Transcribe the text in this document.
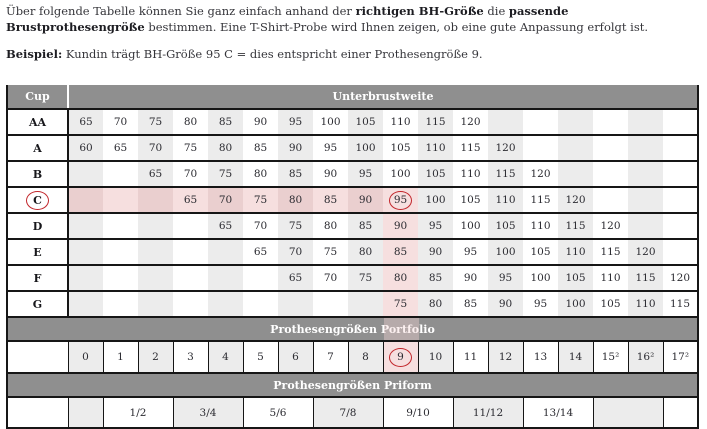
Über folgende Tabelle können Sie ganz einfach anhand der richtigen BH-Größe die passende Brustprothesengröße bestimmen. Eine T-Shirt-Probe wird Ihnen zeigen, ob eine gute Anpassung erfolgt ist.

Beispiel: Kundin trägt BH-Größe 95 C = dies entspricht einer Prothesengröße 9.

Cup	Unterbrustweite																	
AA	65	70	75	80	85	90	95	100	105	110	115	120						
A	60	65	70	75	80	85	90	95	100	105	110	115	120					
B			65	70	75	80	85	90	95	100	105	110	115	120				
C				65	70	75	80	85	90	95	100	105	110	115	120			
D					65	70	75	80	85	90	95	100	105	110	115	120		
E						65	70	75	80	85	90	95	100	105	110	115	120	
F							65	70	75	80	85	90	95	100	105	110	115	120
G										75	80	85	90	95	100	105	110	115

Prothesengrößen Portfolio																		
	0	1	2	3	4	5	6	7	8	9	10	11	12	13	14	15²	16²	17²
Prothesengrößen Priform																		
		1/2		3/4		5/6		7/8		9/10		11/12		13/14				
